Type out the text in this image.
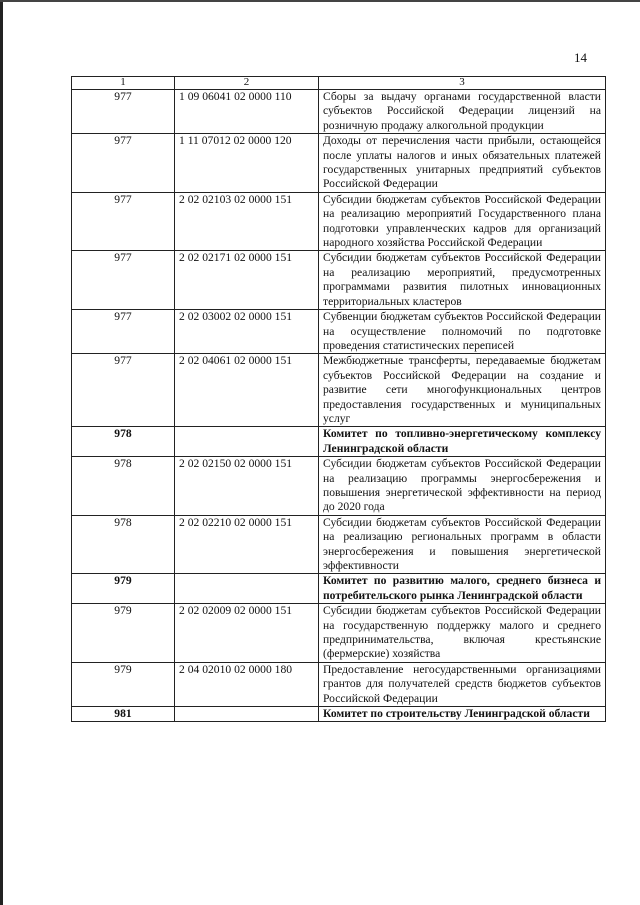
14
1	2	3
977	1 09 06041 02 0000 110	Сборы за выдачу органами государственной власти субъектов Российской Федерации лицензий на розничную продажу алкогольной продукции
977	1 11 07012 02 0000 120	Доходы от перечисления части прибыли, остающейся после уплаты налогов и иных обязательных платежей государственных унитарных предприятий субъектов Российской Федерации
977	2 02 02103 02 0000 151	Субсидии бюджетам субъектов Российской Федерации на реализацию мероприятий Государственного плана подготовки управленческих кадров для организаций народного хозяйства Российской Федерации
977	2 02 02171 02 0000 151	Субсидии бюджетам субъектов Российской Федерации на реализацию мероприятий, предусмотренных программами развития пилотных инновационных территориальных кластеров
977	2 02 03002 02 0000 151	Субвенции бюджетам субъектов Российской Федерации на осуществление полномочий по подготовке проведения статистических переписей
977	2 02 04061 02 0000 151	Межбюджетные трансферты, передаваемые бюджетам субъектов Российской Федерации на создание и развитие сети многофункциональных центров предоставления государственных и муниципальных услуг
978		Комитет по топливно-энергетическому комплексу Ленинградской области
978	2 02 02150 02 0000 151	Субсидии бюджетам субъектов Российской Федерации на реализацию программы энергосбережения и повышения энергетической эффективности на период до 2020 года
978	2 02 02210 02 0000 151	Субсидии бюджетам субъектов Российской Федерации на реализацию региональных программ в области энергосбережения и повышения энергетической эффективности
979		Комитет по развитию малого, среднего бизнеса и потребительского рынка Ленинградской области
979	2 02 02009 02 0000 151	Субсидии бюджетам субъектов Российской Федерации на государственную поддержку малого и среднего предпринимательства, включая крестьянские (фермерские) хозяйства
979	2 04 02010 02 0000 180	Предоставление негосударственными организациями грантов для получателей средств бюджетов субъектов Российской Федерации
981		Комитет по строительству Ленинградской области
